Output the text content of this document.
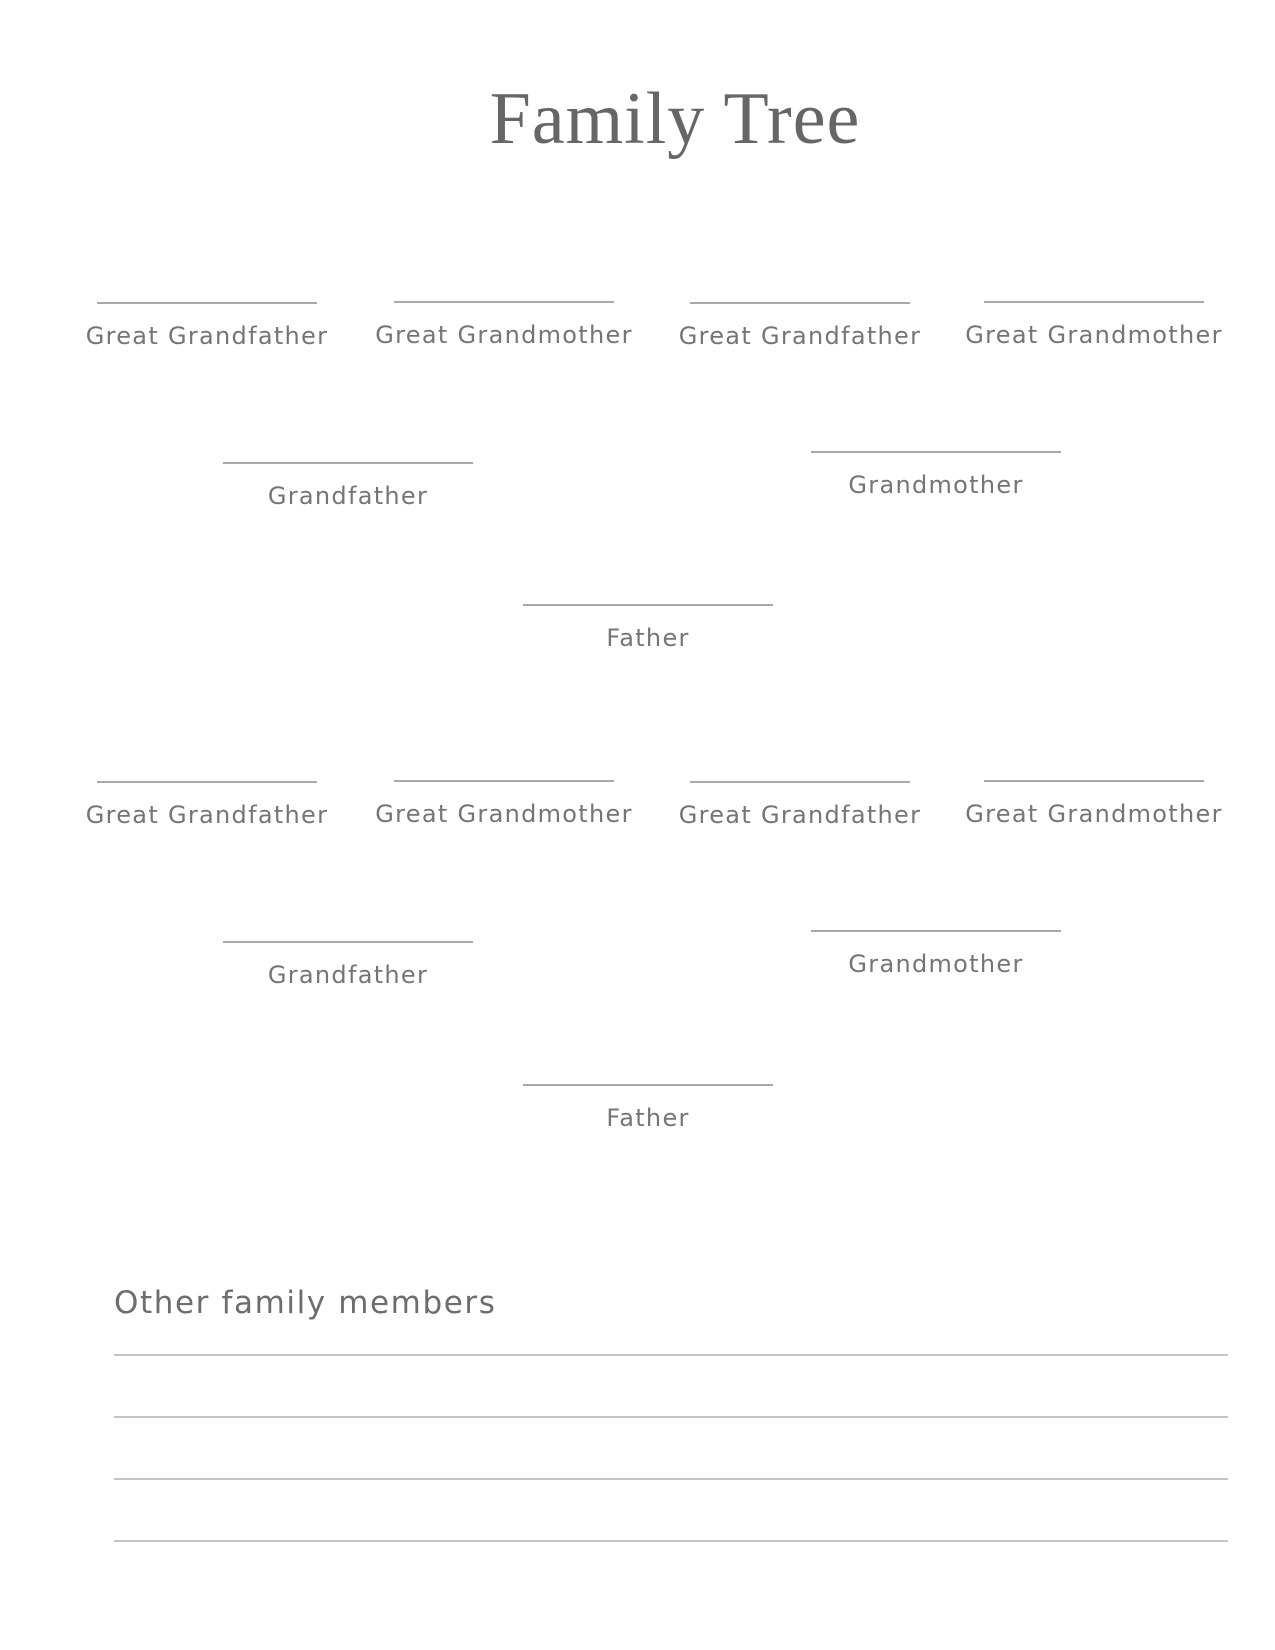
Family Tree
Great Grandfather	Great Grandmother	Great Grandfather	Great Grandmother
Grandfather	Grandmother
Father
Great Grandfather	Great Grandmother	Great Grandfather	Great Grandmother
Grandfather	Grandmother
Father
Other family members
